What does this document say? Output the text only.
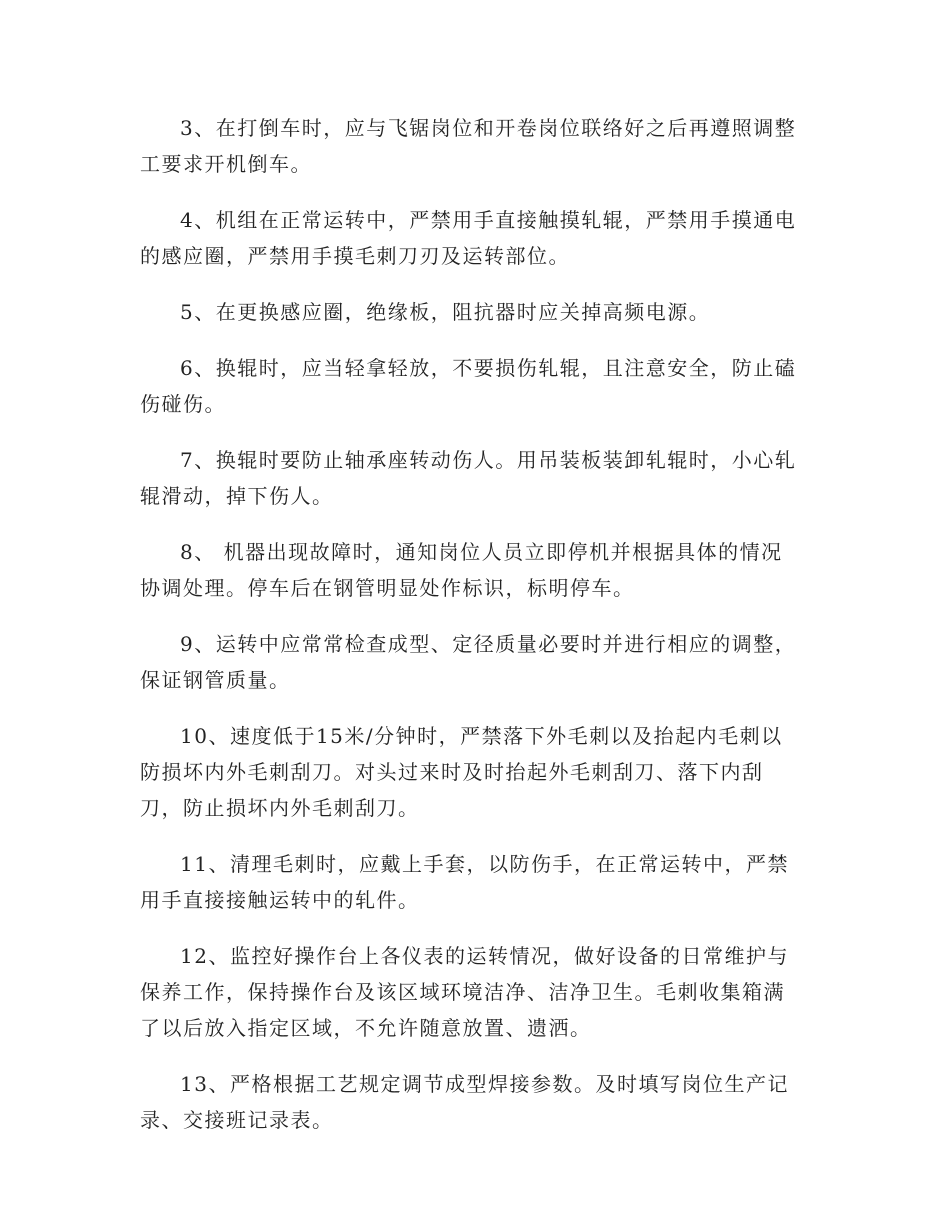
3、在打倒车时，应与飞锯岗位和开卷岗位联络好之后再遵照调整
工要求开机倒车。

4、机组在正常运转中，严禁用手直接触摸轧辊，严禁用手摸通电
的感应圈，严禁用手摸毛刺刀刃及运转部位。

5、在更换感应圈，绝缘板，阻抗器时应关掉高频电源。

6、换辊时，应当轻拿轻放，不要损伤轧辊，且注意安全，防止磕
伤碰伤。

7、换辊时要防止轴承座转动伤人。用吊装板装卸轧辊时，小心轧
辊滑动，掉下伤人。

8、 机器出现故障时，通知岗位人员立即停机并根据具体的情况
协调处理。停车后在钢管明显处作标识，标明停车。

9、运转中应常常检查成型、定径质量必要时并进行相应的调整，
保证钢管质量。

10、速度低于15米/分钟时，严禁落下外毛刺以及抬起内毛刺以
防损坏内外毛刺刮刀。对头过来时及时抬起外毛刺刮刀、落下内刮
刀，防止损坏内外毛刺刮刀。

11、清理毛刺时，应戴上手套，以防伤手，在正常运转中，严禁
用手直接接触运转中的轧件。

12、监控好操作台上各仪表的运转情况，做好设备的日常维护与
保养工作，保持操作台及该区域环境洁净、洁净卫生。毛刺收集箱满
了以后放入指定区域，不允许随意放置、遗洒。

13、严格根据工艺规定调节成型焊接参数。及时填写岗位生产记
录、交接班记录表。
